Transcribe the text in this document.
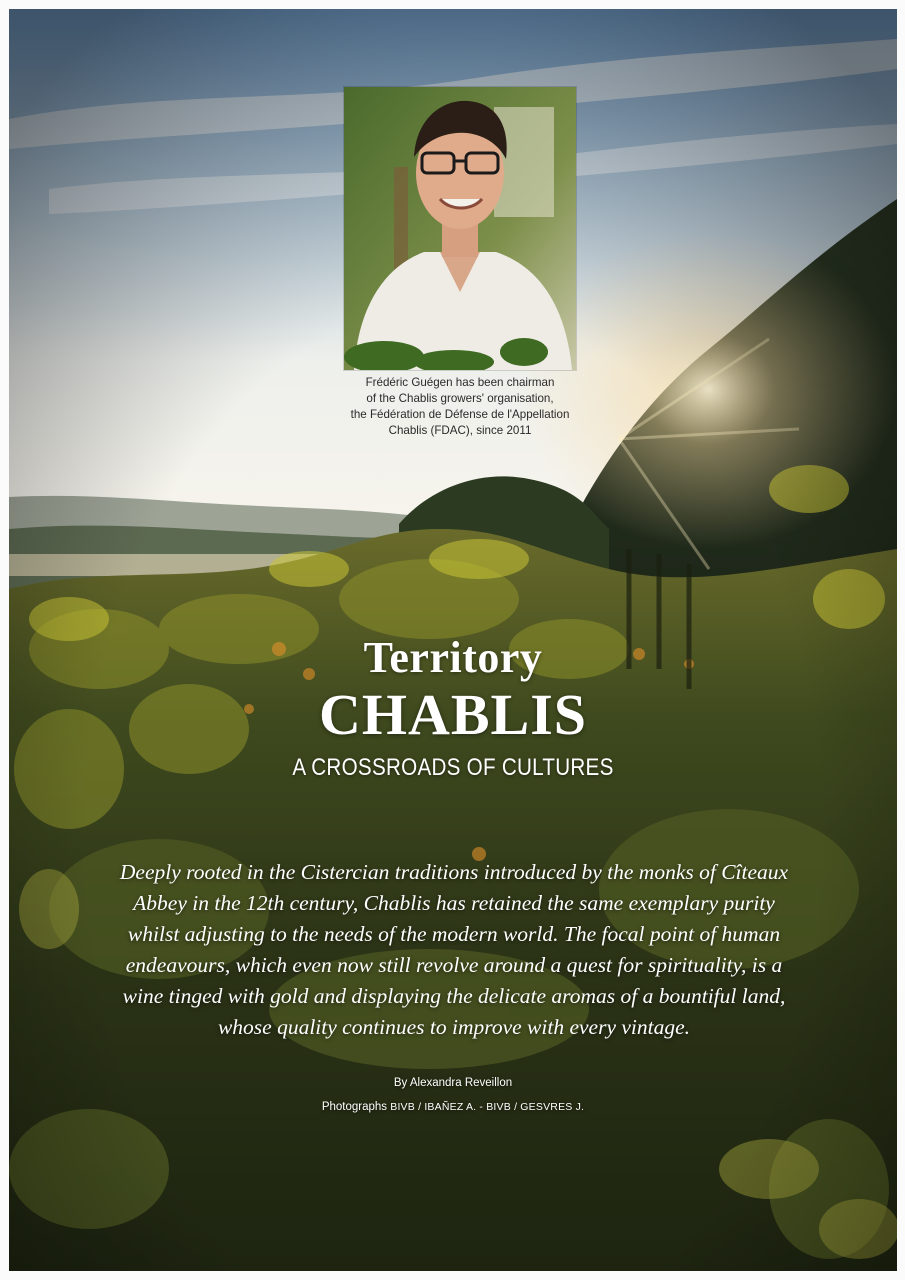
Frédéric Guégen has been chairman
of the Chablis growers' organisation,
the Fédération de Défense de l'Appellation
Chablis (FDAC), since 2011
Territory
CHABLIS
A CROSSROADS OF CULTURES
Deeply rooted in the Cistercian traditions introduced by the monks of Cîteaux
Abbey in the 12th century, Chablis has retained the same exemplary purity
whilst adjusting to the needs of the modern world. The focal point of human
endeavours, which even now still revolve around a quest for spirituality, is a
wine tinged with gold and displaying the delicate aromas of a bountiful land,
whose quality continues to improve with every vintage.
By Alexandra Reveillon
Photographs BIVB / IBAÑEZ A. - BIVB / GESVRES J.
